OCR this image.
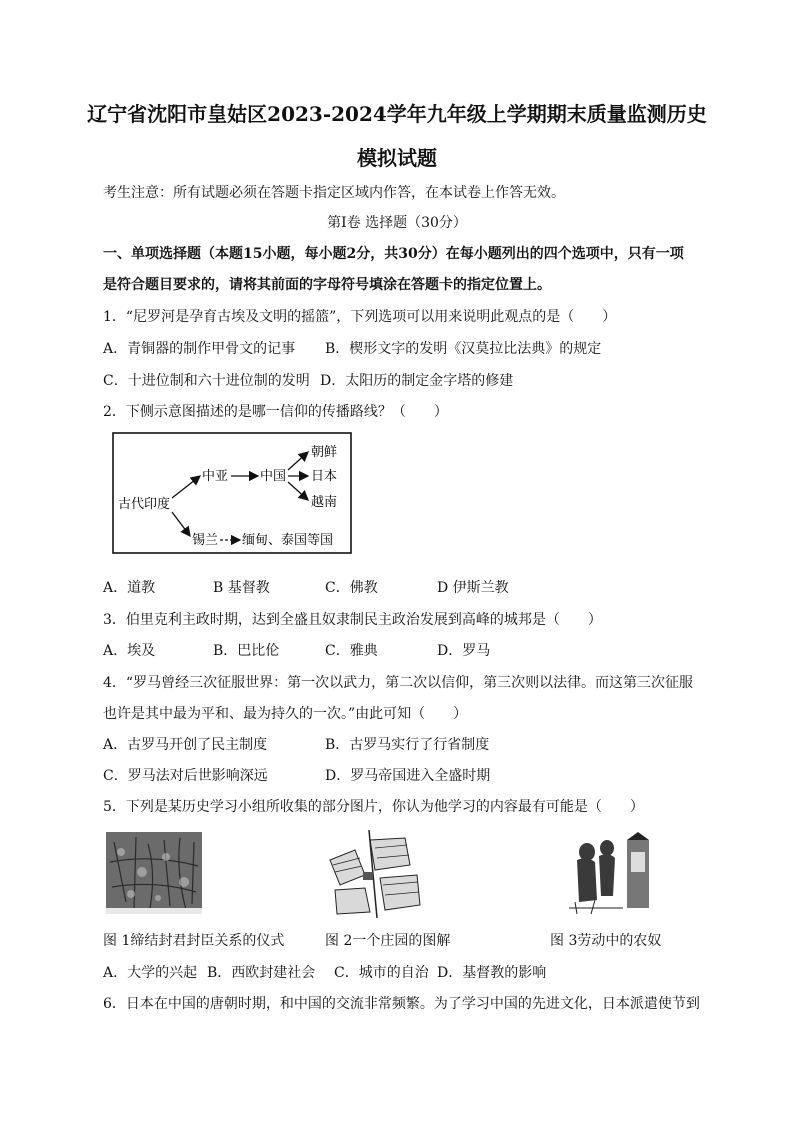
辽宁省沈阳市皇姑区2023-2024学年九年级上学期期末质量监测历史
模拟试题
考生注意：所有试题必须在答题卡指定区域内作答，在本试卷上作答无效。
第Ⅰ卷 选择题（30分）
一、单项选择题（本题15小题，每小题2分，共30分）在每小题列出的四个选项中，只有一项
是符合题目要求的，请将其前面的字母符号填涂在答题卡的指定位置上。
1．“尼罗河是孕育古埃及文明的摇篮”，下列选项可以用来说明此观点的是（　　）
A．青铜器的制作甲骨文的记事 B．楔形文字的发明《汉莫拉比法典》的规定
C．十进位制和六十进位制的发明 D．太阳历的制定金字塔的修建
2．下侧示意图描述的是哪一信仰的传播路线？（　　）
古代印度
中亚 中国
朝鲜
日本
越南
锡兰 缅甸、泰国等国
A．道教	B 基督教	C．佛教	D 伊斯兰教
3．伯里克利主政时期，达到全盛且奴隶制民主政治发展到高峰的城邦是（　　）
A．埃及	B．巴比伦	C．雅典	D．罗马
4．“罗马曾经三次征服世界：第一次以武力，第二次以信仰，第三次则以法律。而这第三次征服
也许是其中最为平和、最为持久的一次。”由此可知（　　）
A．古罗马开创了民主制度	B．古罗马实行了行省制度
C．罗马法对后世影响深远	D．罗马帝国进入全盛时期
5．下列是某历史学习小组所收集的部分图片，你认为他学习的内容最有可能是（　　）
图 1缔结封君封臣关系的仪式	图 2一个庄园的图解	图 3劳动中的农奴
A．大学的兴起 B．西欧封建社会 C．城市的自治 D．基督教的影响
6．日本在中国的唐朝时期，和中国的交流非常频繁。为了学习中国的先进文化，日本派遣使节到
